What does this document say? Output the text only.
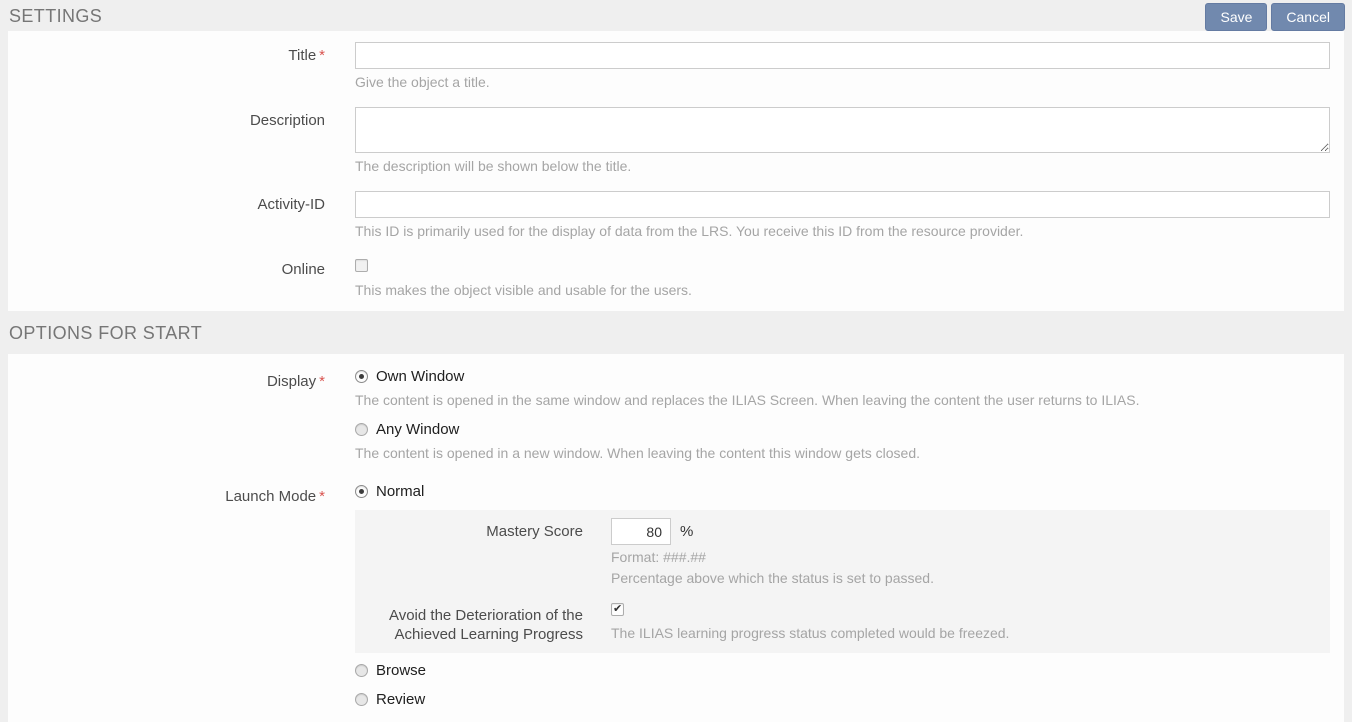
SETTINGS	Save	Cancel
Title *
Give the object a title.
Description
The description will be shown below the title.
Activity-ID
This ID is primarily used for the display of data from the LRS. You receive this ID from the resource provider.
Online
This makes the object visible and usable for the users.
OPTIONS FOR START
Display *	Own Window
The content is opened in the same window and replaces the ILIAS Screen. When leaving the content the user returns to ILIAS.
Any Window
The content is opened in a new window. When leaving the content this window gets closed.
Launch Mode *	Normal
Mastery Score
80	%
Format: ###.##
Percentage above which the status is set to passed.
Avoid the Deterioration of the Achieved Learning Progress
✔	The ILIAS learning progress status completed would be freezed.
Browse
Review
